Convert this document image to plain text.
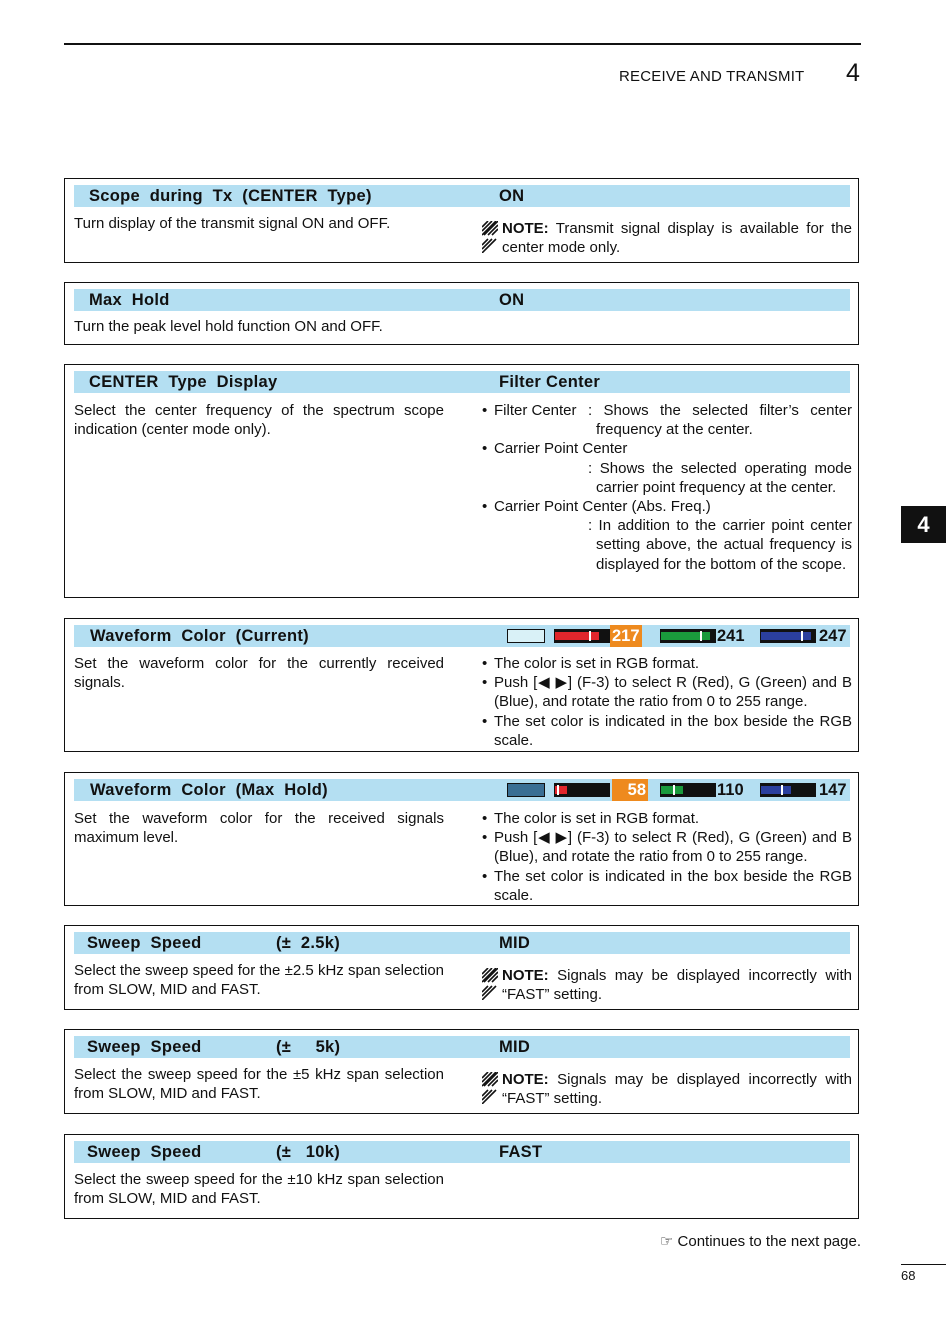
RECEIVE AND TRANSMIT 4
4
Scope  during  Tx  (CENTER  Type)	ON
Turn display of the transmit signal ON and OFF.	NOTE: Transmit signal display is available for the center mode only.
Max  Hold	ON
Turn the peak level hold function ON and OFF.
CENTER  Type  Display	Filter Center
Select the center frequency of the spectrum scope indication (center mode only).
• Filter Center : Shows the selected filter’s center frequency at the center.
• Carrier Point Center
: Shows the selected operating mode carrier point frequency at the center.
• Carrier Point Center (Abs. Freq.)
: In addition to the carrier point center setting above, the actual frequency is displayed for the bottom of the scope.
Waveform  Color  (Current)	217	241	247
Set the waveform color for the currently received signals.
• The color is set in RGB format.
• Push [◀ ▶] (F-3) to select R (Red), G (Green) and B (Blue), and rotate the ratio from 0 to 255 range.
• The set color is indicated in the box beside the RGB scale.
Waveform  Color  (Max  Hold)	58	110	147
Set the waveform color for the received signals maximum level.
• The color is set in RGB format.
• Push [◀ ▶] (F-3) to select R (Red), G (Green) and B (Blue), and rotate the ratio from 0 to 255 range.
• The set color is indicated in the box beside the RGB scale.
Sweep  Speed	(±  2.5k)	MID
Select the sweep speed for the ±2.5 kHz span selection from SLOW, MID and FAST.
NOTE: Signals may be displayed incorrectly with “FAST” setting.
Sweep  Speed	(±     5k)	MID
Select the sweep speed for the ±5 kHz span selection from SLOW, MID and FAST.
NOTE: Signals may be displayed incorrectly with “FAST” setting.
Sweep  Speed	(±   10k)	FAST
Select the sweep speed for the ±10 kHz span selection from SLOW, MID and FAST.
☞ Continues to the next page.
68
